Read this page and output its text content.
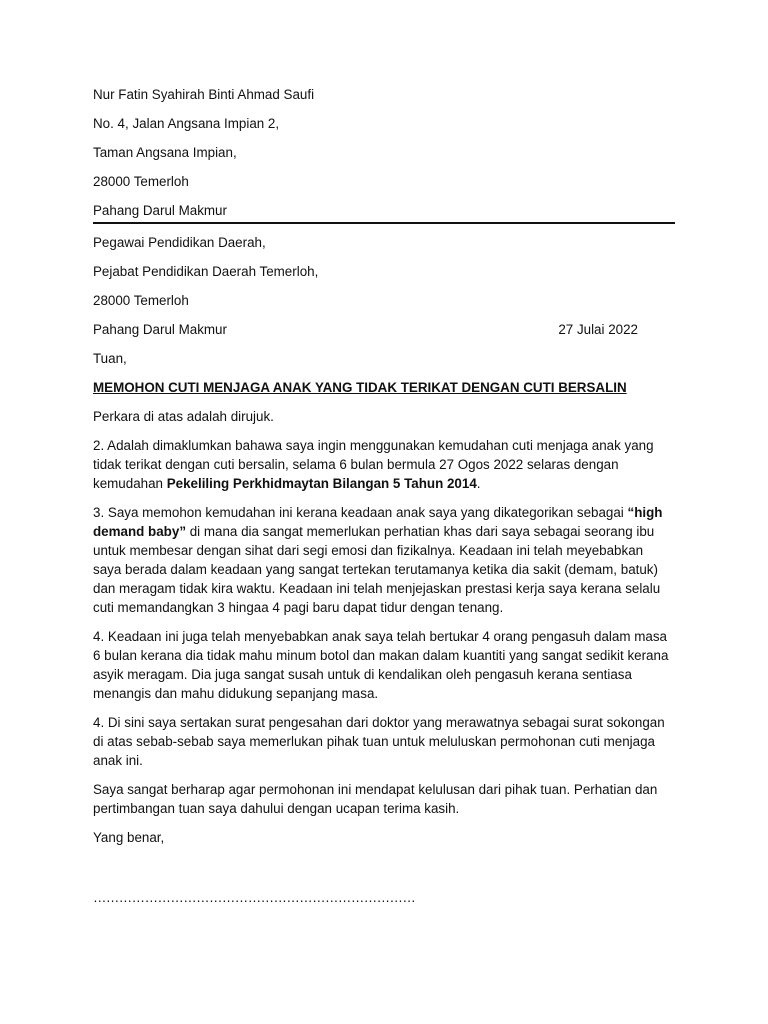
Nur Fatin Syahirah Binti Ahmad Saufi

No. 4, Jalan Angsana Impian 2,

Taman Angsana Impian,

28000 Temerloh

Pahang Darul Makmur

Pegawai Pendidikan Daerah,

Pejabat Pendidikan Daerah Temerloh,

28000 Temerloh

Pahang Darul Makmur	27 Julai 2022

Tuan,

MEMOHON CUTI MENJAGA ANAK YANG TIDAK TERIKAT DENGAN CUTI BERSALIN

Perkara di atas adalah dirujuk.

2. Adalah dimaklumkan bahawa saya ingin menggunakan kemudahan cuti menjaga anak yang tidak terikat dengan cuti bersalin, selama 6 bulan bermula 27 Ogos 2022 selaras dengan kemudahan Pekeliling Perkhidmaytan Bilangan 5 Tahun 2014.

3. Saya memohon kemudahan ini kerana keadaan anak saya yang dikategorikan sebagai “high demand baby” di mana dia sangat memerlukan perhatian khas dari saya sebagai seorang ibu untuk membesar dengan sihat dari segi emosi dan fizikalnya. Keadaan ini telah meyebabkan saya berada dalam keadaan yang sangat tertekan terutamanya ketika dia sakit (demam, batuk) dan meragam tidak kira waktu. Keadaan ini telah menjejaskan prestasi kerja saya kerana selalu cuti memandangkan 3 hingaa 4 pagi baru dapat tidur dengan tenang.

4. Keadaan ini juga telah menyebabkan anak saya telah bertukar 4 orang pengasuh dalam masa 6 bulan kerana dia tidak mahu minum botol dan makan dalam kuantiti yang sangat sedikit kerana asyik meragam. Dia juga sangat susah untuk di kendalikan oleh pengasuh kerana sentiasa menangis dan mahu didukung sepanjang masa.

4. Di sini saya sertakan surat pengesahan dari doktor yang merawatnya sebagai surat sokongan di atas sebab-sebab saya memerlukan pihak tuan untuk meluluskan permohonan cuti menjaga anak ini.

Saya sangat berharap agar permohonan ini mendapat kelulusan dari pihak tuan. Perhatian dan pertimbangan tuan saya dahului dengan ucapan terima kasih.

Yang benar,

…………………………………………………………………
